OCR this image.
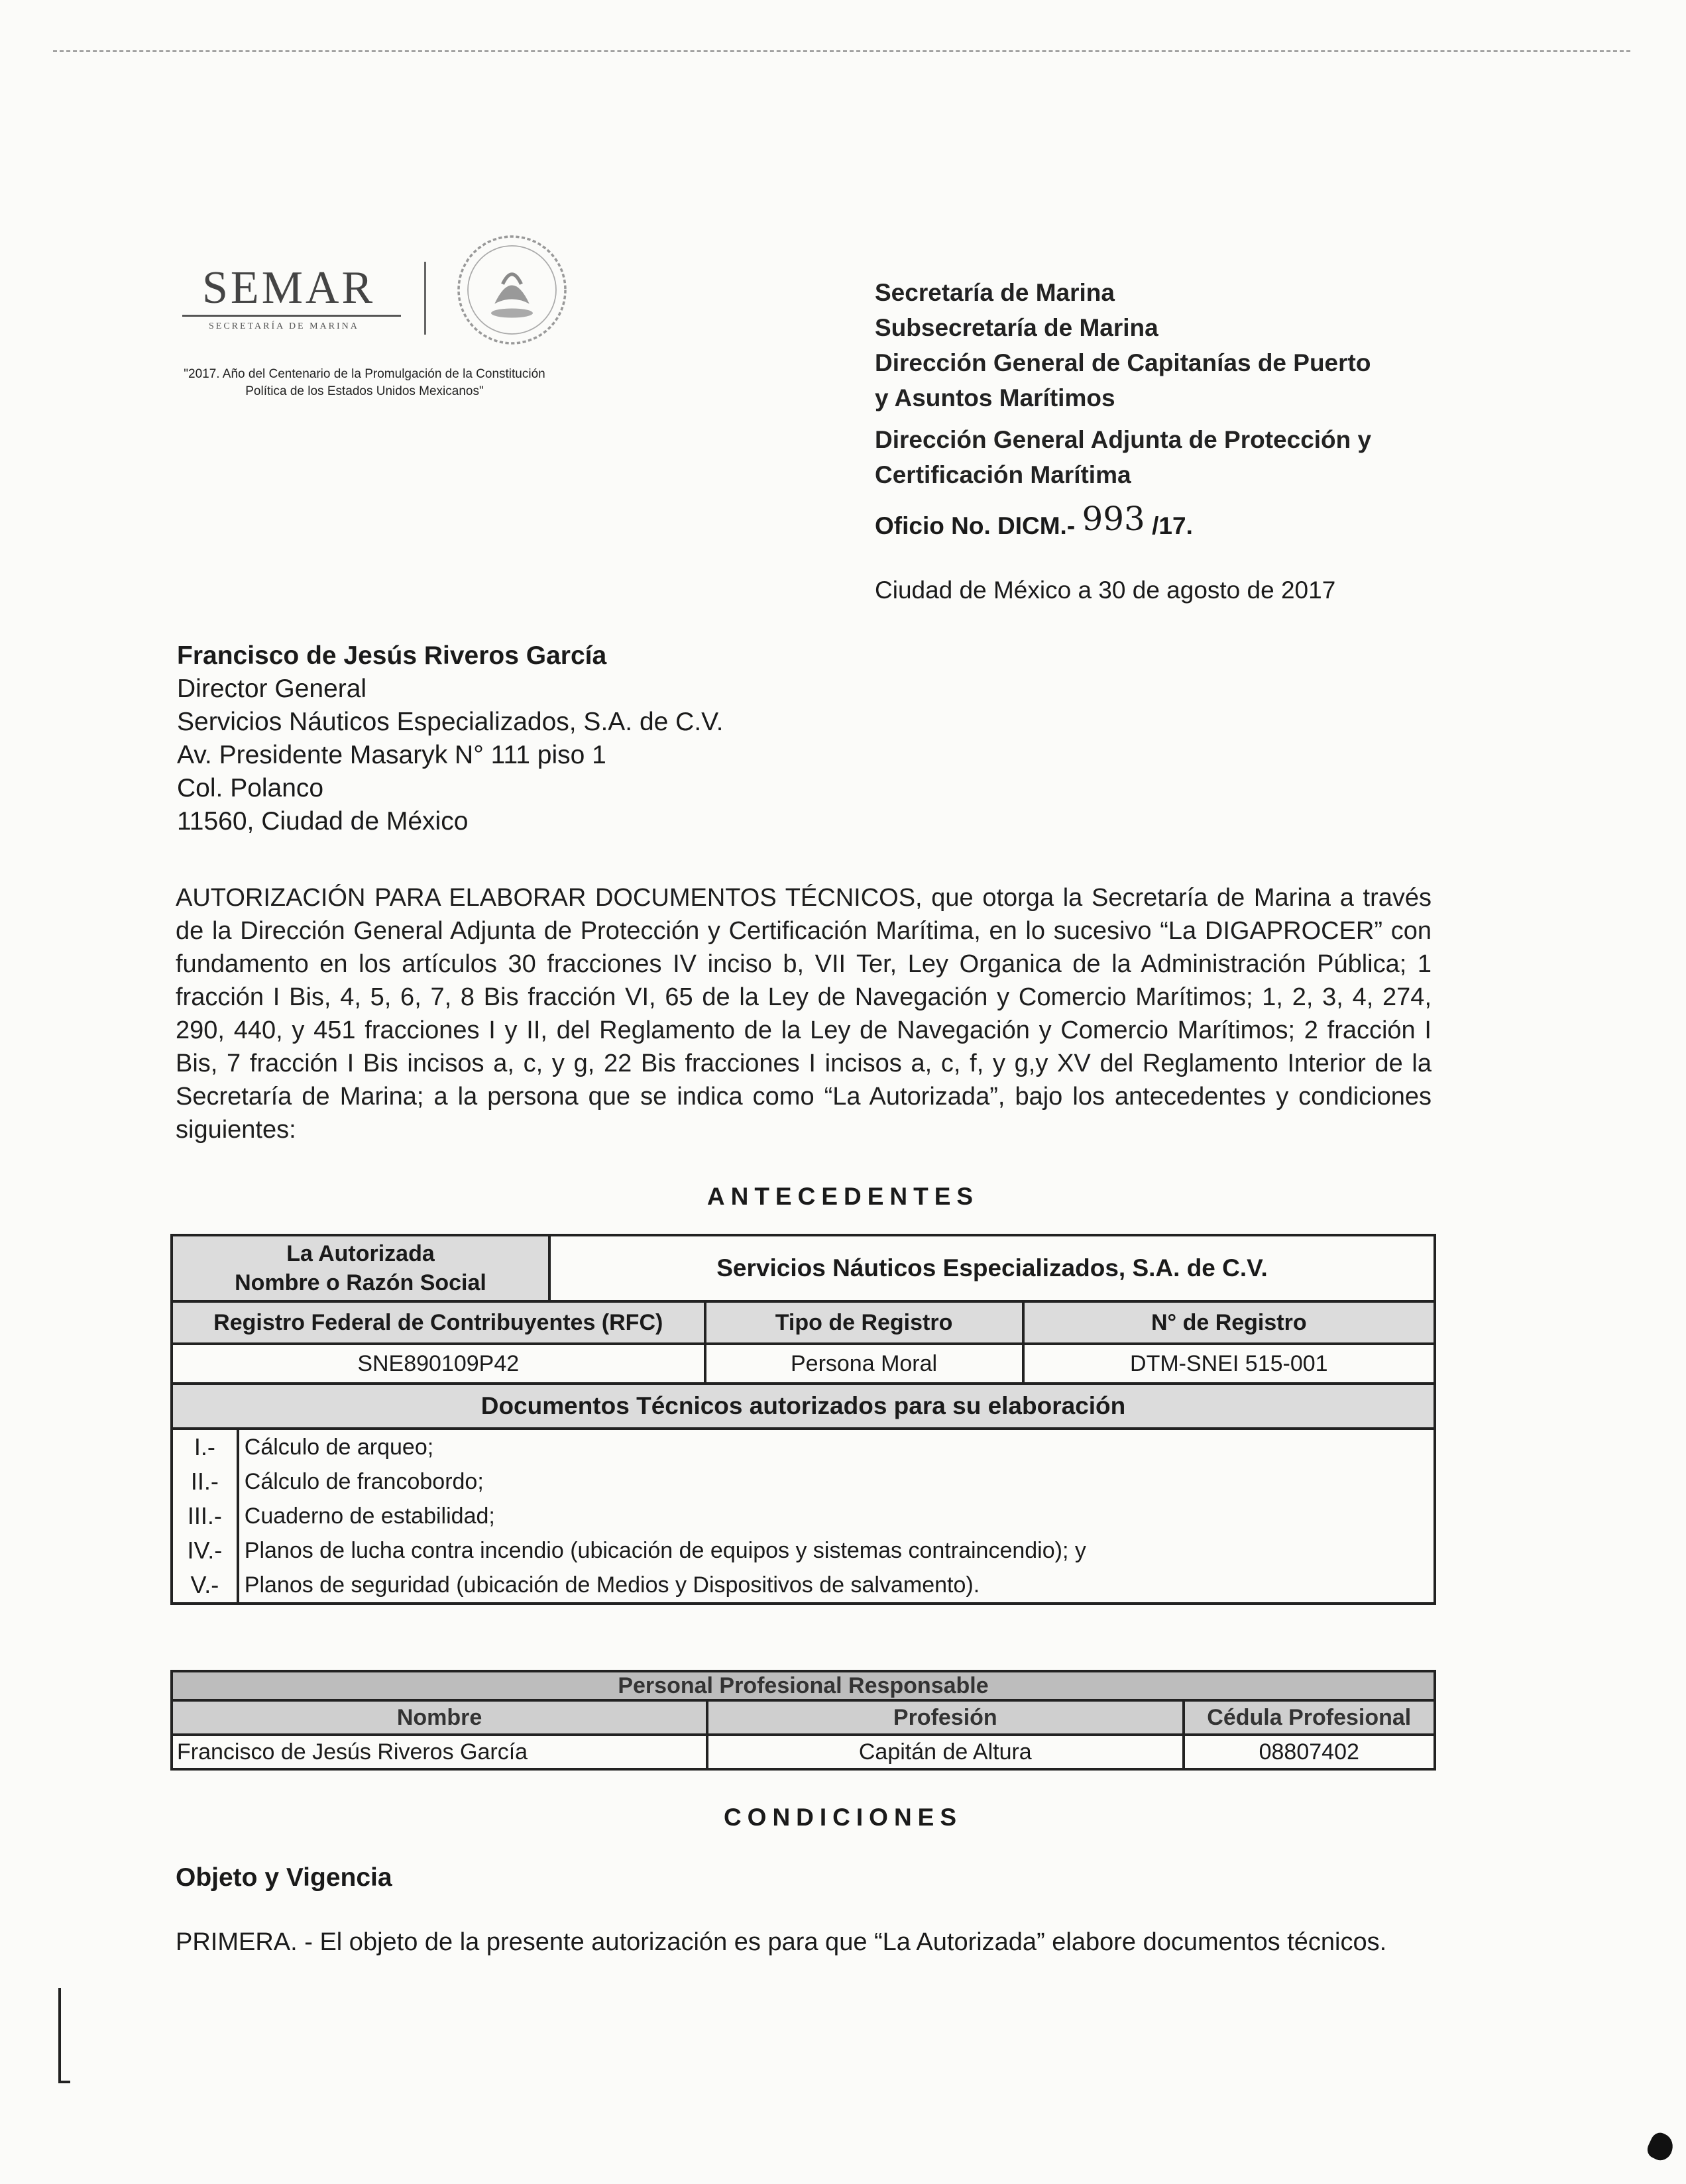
SEMAR
SECRETARÍA DE MARINA
"2017. Año del Centenario de la Promulgación de la Constitución Política de los Estados Unidos Mexicanos"
Secretaría de Marina
Subsecretaría de Marina
Dirección General de Capitanías de Puerto
y Asuntos Marítimos
Dirección General Adjunta de Protección y
Certificación Marítima
Oficio No. DICM.- 993 /17.
Ciudad de México a 30 de agosto de 2017
Francisco de Jesús Riveros García
Director General
Servicios Náuticos Especializados, S.A. de C.V.
Av. Presidente Masaryk N° 111 piso 1
Col. Polanco
11560, Ciudad de México
AUTORIZACIÓN PARA ELABORAR DOCUMENTOS TÉCNICOS, que otorga la Secretaría de Marina a través de la Dirección General Adjunta de Protección y Certificación Marítima, en lo sucesivo “La DIGAPROCER” con fundamento en los artículos 30 fracciones IV inciso b, VII Ter, Ley Organica de la Administración Pública; 1 fracción I Bis, 4, 5, 6, 7, 8 Bis fracción VI, 65 de la Ley de Navegación y Comercio Marítimos; 1, 2, 3, 4, 274, 290, 440, y 451 fracciones I y II, del Reglamento de la Ley de Navegación y Comercio Marítimos; 2 fracción I Bis, 7 fracción I Bis incisos a, c, y g, 22 Bis fracciones I incisos a, c, f, y g,y XV del Reglamento Interior de la Secretaría de Marina; a la persona que se indica como “La Autorizada”, bajo los antecedentes y condiciones siguientes:
ANTECEDENTES
La Autorizada
Nombre o Razón Social		Servicios Náuticos Especializados, S.A. de C.V.		
Registro Federal de Contribuyentes (RFC)			Tipo de Registro	N° de Registro
SNE890109P42			Persona Moral	DTM-SNEI 515-001
Documentos Técnicos autorizados para su elaboración				
I.-	Cálculo de arqueo;			
II.-	Cálculo de francobordo;			
III.-	Cuaderno de estabilidad;			
IV.-	Planos de lucha contra incendio (ubicación de equipos y sistemas contraincendio); y			
V.-	Planos de seguridad (ubicación de Medios y Dispositivos de salvamento).			
Personal Profesional Responsable		
Nombre	Profesión	Cédula Profesional
Francisco de Jesús Riveros García	Capitán de Altura	08807402
CONDICIONES
Objeto y Vigencia
PRIMERA. - El objeto de la presente autorización es para que “La Autorizada” elabore documentos técnicos.
